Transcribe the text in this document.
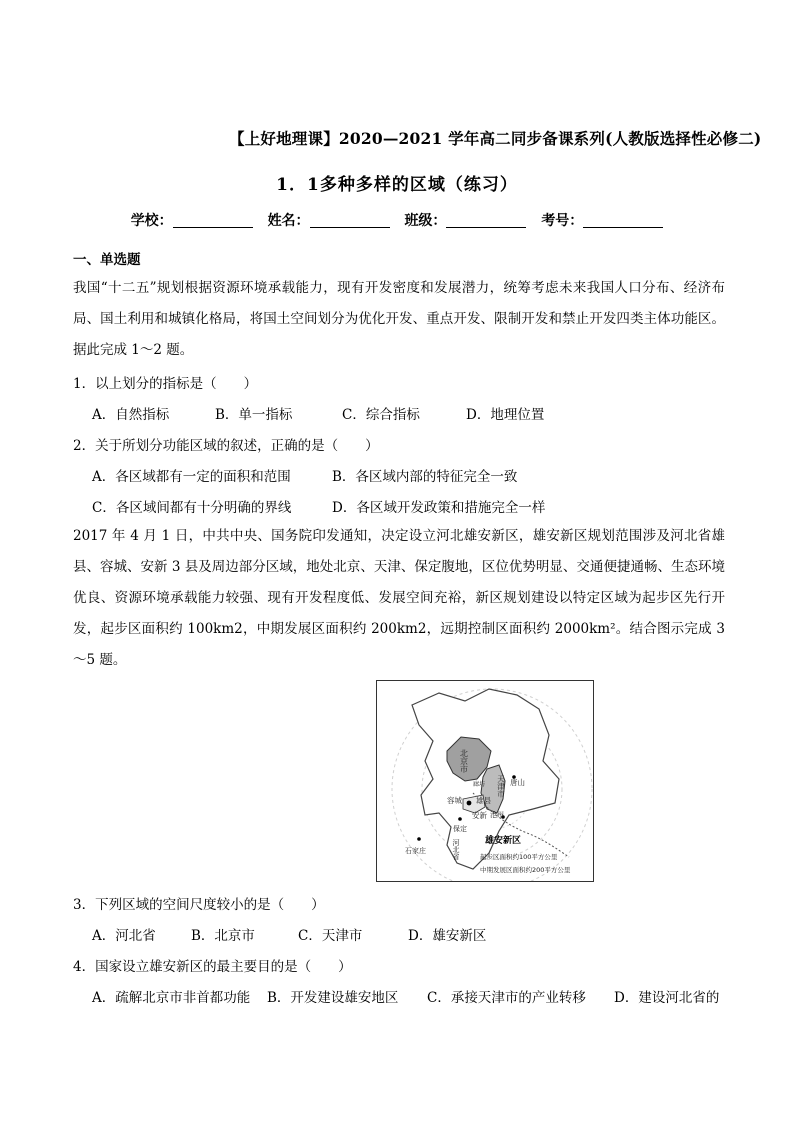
【上好地理课】2020—2021 学年高二同步备课系列(人教版选择性必修二)
1．1多种多样的区域（练习）
学校：	姓名：	班级：	考号：
一、单选题
我国“十二五”规划根据资源环境承载能力，现有开发密度和发展潜力，统筹考虑未来我国人口分布、经济布局、国土利用和城镇化格局，将国土空间划分为优化开发、重点开发、限制开发和禁止开发四类主体功能区。据此完成 1～2 题。
1．以上划分的指标是（　　）
A．自然指标	B．单一指标	C．综合指标	D．地理位置
2．关于所划分功能区域的叙述，正确的是（　　）
A．各区域都有一定的面积和范围	B．各区域内部的特征完全一致
C．各区域间都有十分明确的界线	D．各区域开发政策和措施完全一样
2017 年 4 月 1 日，中共中央、国务院印发通知，决定设立河北雄安新区，雄安新区规划范围涉及河北省雄县、容城、安新 3 县及周边部分区域，地处北京、天津、保定腹地，区位优势明显、交通便捷通畅、生态环境优良、资源环境承载能力较强、现有开发程度低、发展空间充裕，新区规划建设以特定区域为起步区先行开发，起步区面积约 100km2，中期发展区面积约 200km2，远期控制区面积约 2000km²。结合图示完成 3～5 题。
北京市
天津市 唐山
廊坊
容城 雄县
安新
保定
石家庄	河北省
沧州
雄安新区
起步区面积约100平方公里
中期发展区面积约200平方公里
3．下列区域的空间尺度较小的是（　　）
A．河北省	B．北京市	C．天津市	D．雄安新区
4．国家设立雄安新区的最主要目的是（　　）
A．疏解北京市非首都功能 B．开发建设雄安地区 C．承接天津市的产业转移 D．建设河北省的
